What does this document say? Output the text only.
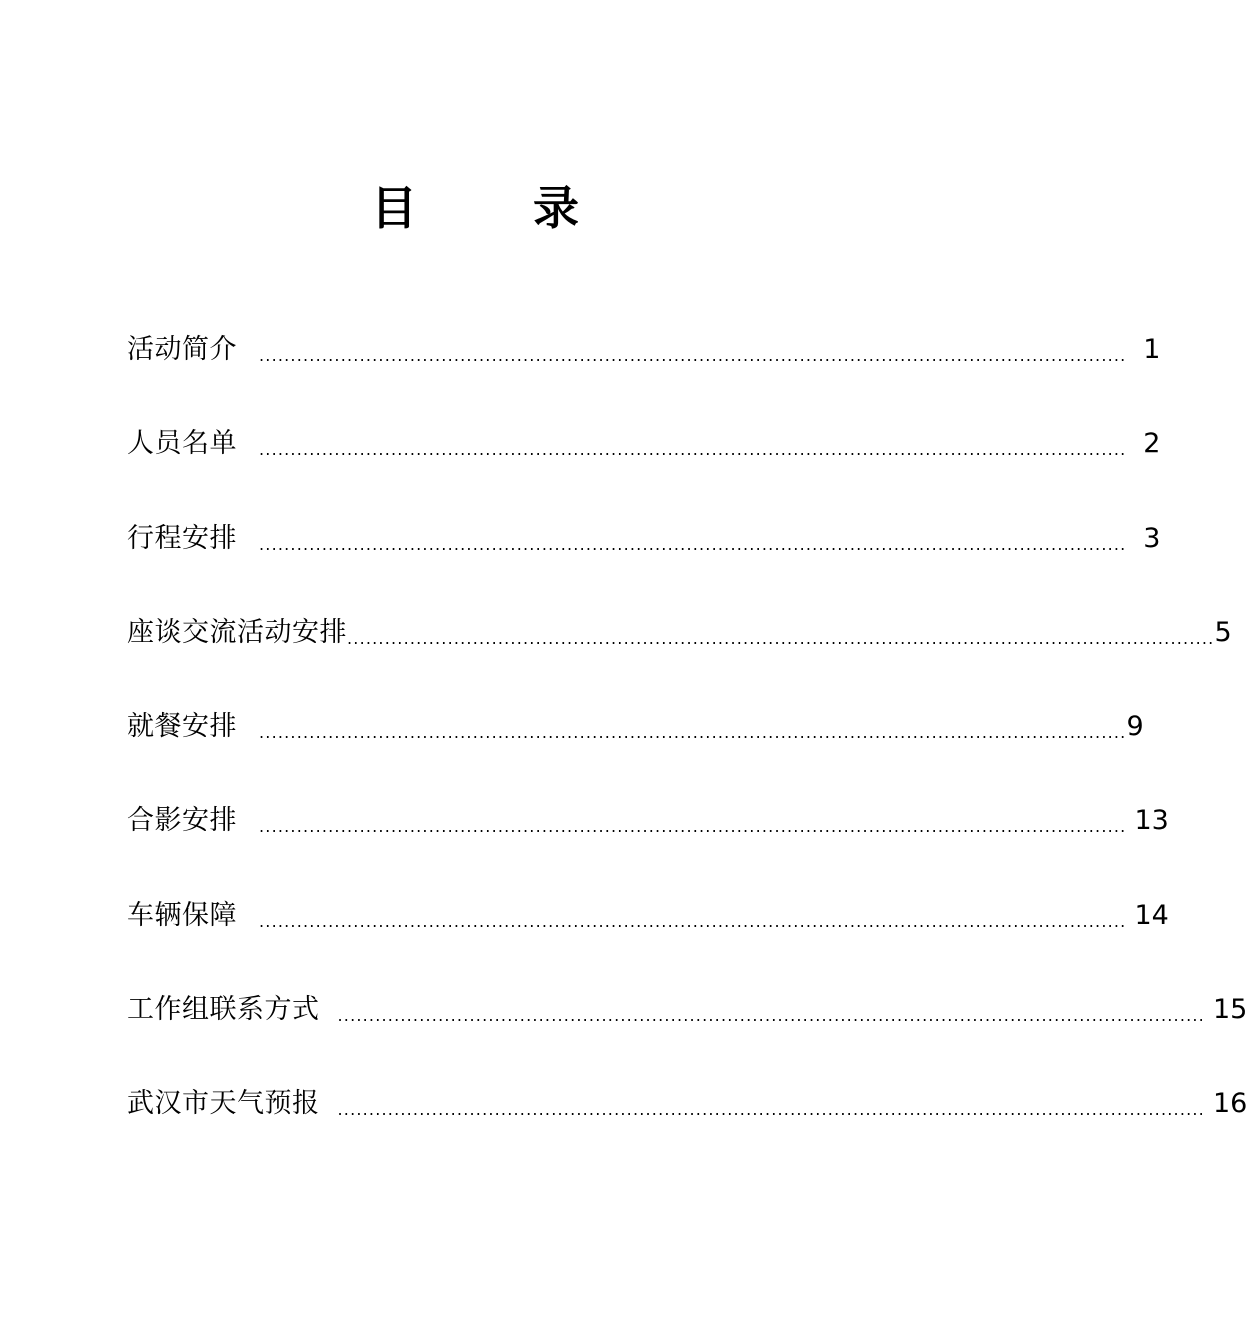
目 录
活动简介	.......................................................................................................................................... 1
人员名单	.......................................................................................................................................... 2
行程安排	.......................................................................................................................................... 3
座谈交流活动安排 .......................................................................................................................................... 5
就餐安排	.......................................................................................................................................... 9
合影安排	.......................................................................................................................................... 13
车辆保障	.......................................................................................................................................... 14
工作组联系方式	.......................................................................................................................................... 15
武汉市天气预报	.......................................................................................................................................... 16
